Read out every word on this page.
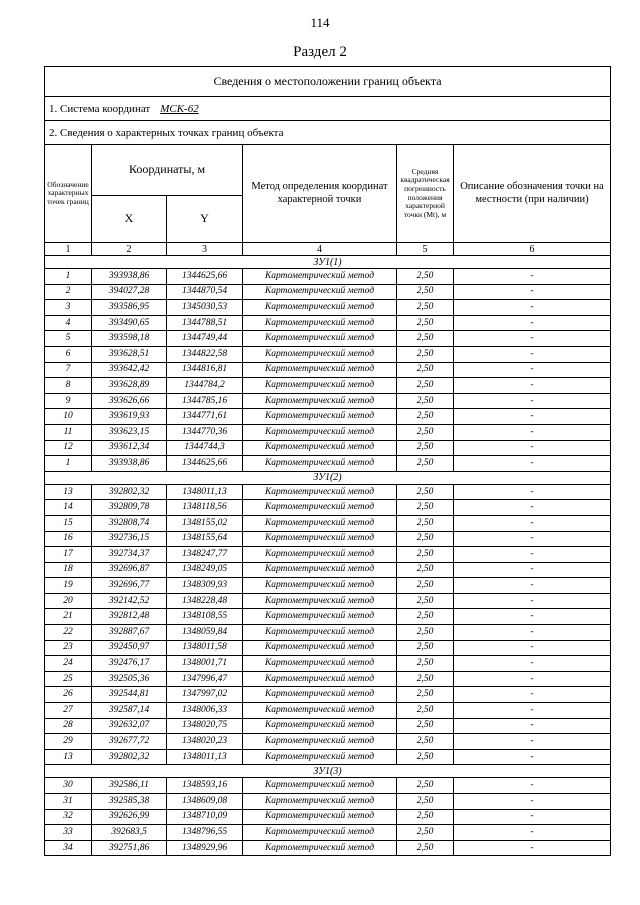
114
Раздел 2
Сведения о местоположении границ объекта					
1. Система координат МСК-62					
2. Сведения о характерных точках границ объекта					
Обозначение характерных точек границ	Координаты, м		Метод определения координат характерной точки	Средняя квадратическая погрешность положения характерной точки (Mt), м	Описание обозначения точки на местности (при наличии)
	X	Y			
1	2	3	4	5	6
ЗУ1(1)					
1	393938,86	1344625,66	Картометрический метод	2,50	-
2	394027,28	1344870,54	Картометрический метод	2,50	-
3	393586,95	1345030,53	Картометрический метод	2,50	-
4	393490,65	1344788,51	Картометрический метод	2,50	-
5	393598,18	1344749,44	Картометрический метод	2,50	-
6	393628,51	1344822,58	Картометрический метод	2,50	-
7	393642,42	1344816,81	Картометрический метод	2,50	-
8	393628,89	1344784,2	Картометрический метод	2,50	-
9	393626,66	1344785,16	Картометрический метод	2,50	-
10	393619,93	1344771,61	Картометрический метод	2,50	-
11	393623,15	1344770,36	Картометрический метод	2,50	-
12	393612,34	1344744,3	Картометрический метод	2,50	-
1	393938,86	1344625,66	Картометрический метод	2,50	-
ЗУ1(2)					
13	392802,32	1348011,13	Картометрический метод	2,50	-
14	392809,78	1348118,56	Картометрический метод	2,50	-
15	392808,74	1348155,02	Картометрический метод	2,50	-
16	392736,15	1348155,64	Картометрический метод	2,50	-
17	392734,37	1348247,77	Картометрический метод	2,50	-
18	392696,87	1348249,05	Картометрический метод	2,50	-
19	392696,77	1348309,93	Картометрический метод	2,50	-
20	392142,52	1348228,48	Картометрический метод	2,50	-
21	392812,48	1348108,55	Картометрический метод	2,50	-
22	392887,67	1348059,84	Картометрический метод	2,50	-
23	392450,97	1348011,58	Картометрический метод	2,50	-
24	392476,17	1348001,71	Картометрический метод	2,50	-
25	392505,36	1347996,47	Картометрический метод	2,50	-
26	392544,81	1347997,02	Картометрический метод	2,50	-
27	392587,14	1348006,33	Картометрический метод	2,50	-
28	392632,07	1348020,75	Картометрический метод	2,50	-
29	392677,72	1348020,23	Картометрический метод	2,50	-
13	392802,32	1348011,13	Картометрический метод	2,50	-
ЗУ1(3)					
30	392586,11	1348593,16	Картометрический метод	2,50	-
31	392585,38	1348609,08	Картометрический метод	2,50	-
32	392626,99	1348710,09	Картометрический метод	2,50	-
33	392683,5	1348796,55	Картометрический метод	2,50	-
34	392751,86	1348929,96	Картометрический метод	2,50	-
